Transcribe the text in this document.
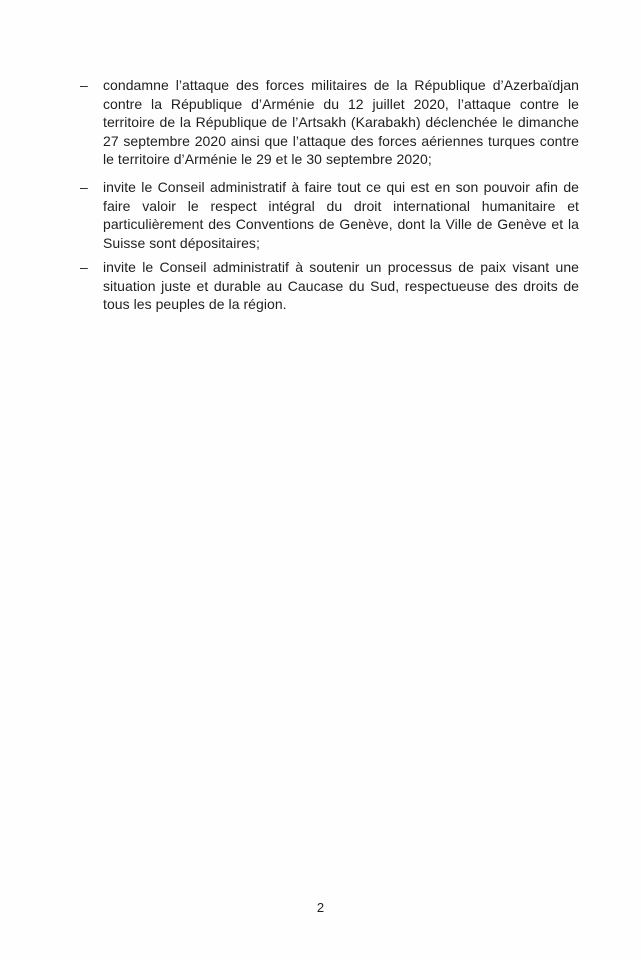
– condamne l’attaque des forces militaires de la République d’Azerbaïdjan contre la République d’Arménie du 12 juillet 2020, l’attaque contre le territoire de la République de l’Artsakh (Karabakh) déclenchée le dimanche 27 septembre 2020 ainsi que l’attaque des forces aériennes turques contre le territoire d’Arménie le 29 et le 30 septembre 2020;
– invite le Conseil administratif à faire tout ce qui est en son pouvoir afin de faire valoir le respect intégral du droit international humanitaire et particulièrement des Conventions de Genève, dont la Ville de Genève et la Suisse sont dépositaires;
– invite le Conseil administratif à soutenir un processus de paix visant une situation juste et durable au Caucase du Sud, respectueuse des droits de tous les peuples de la région.
2
